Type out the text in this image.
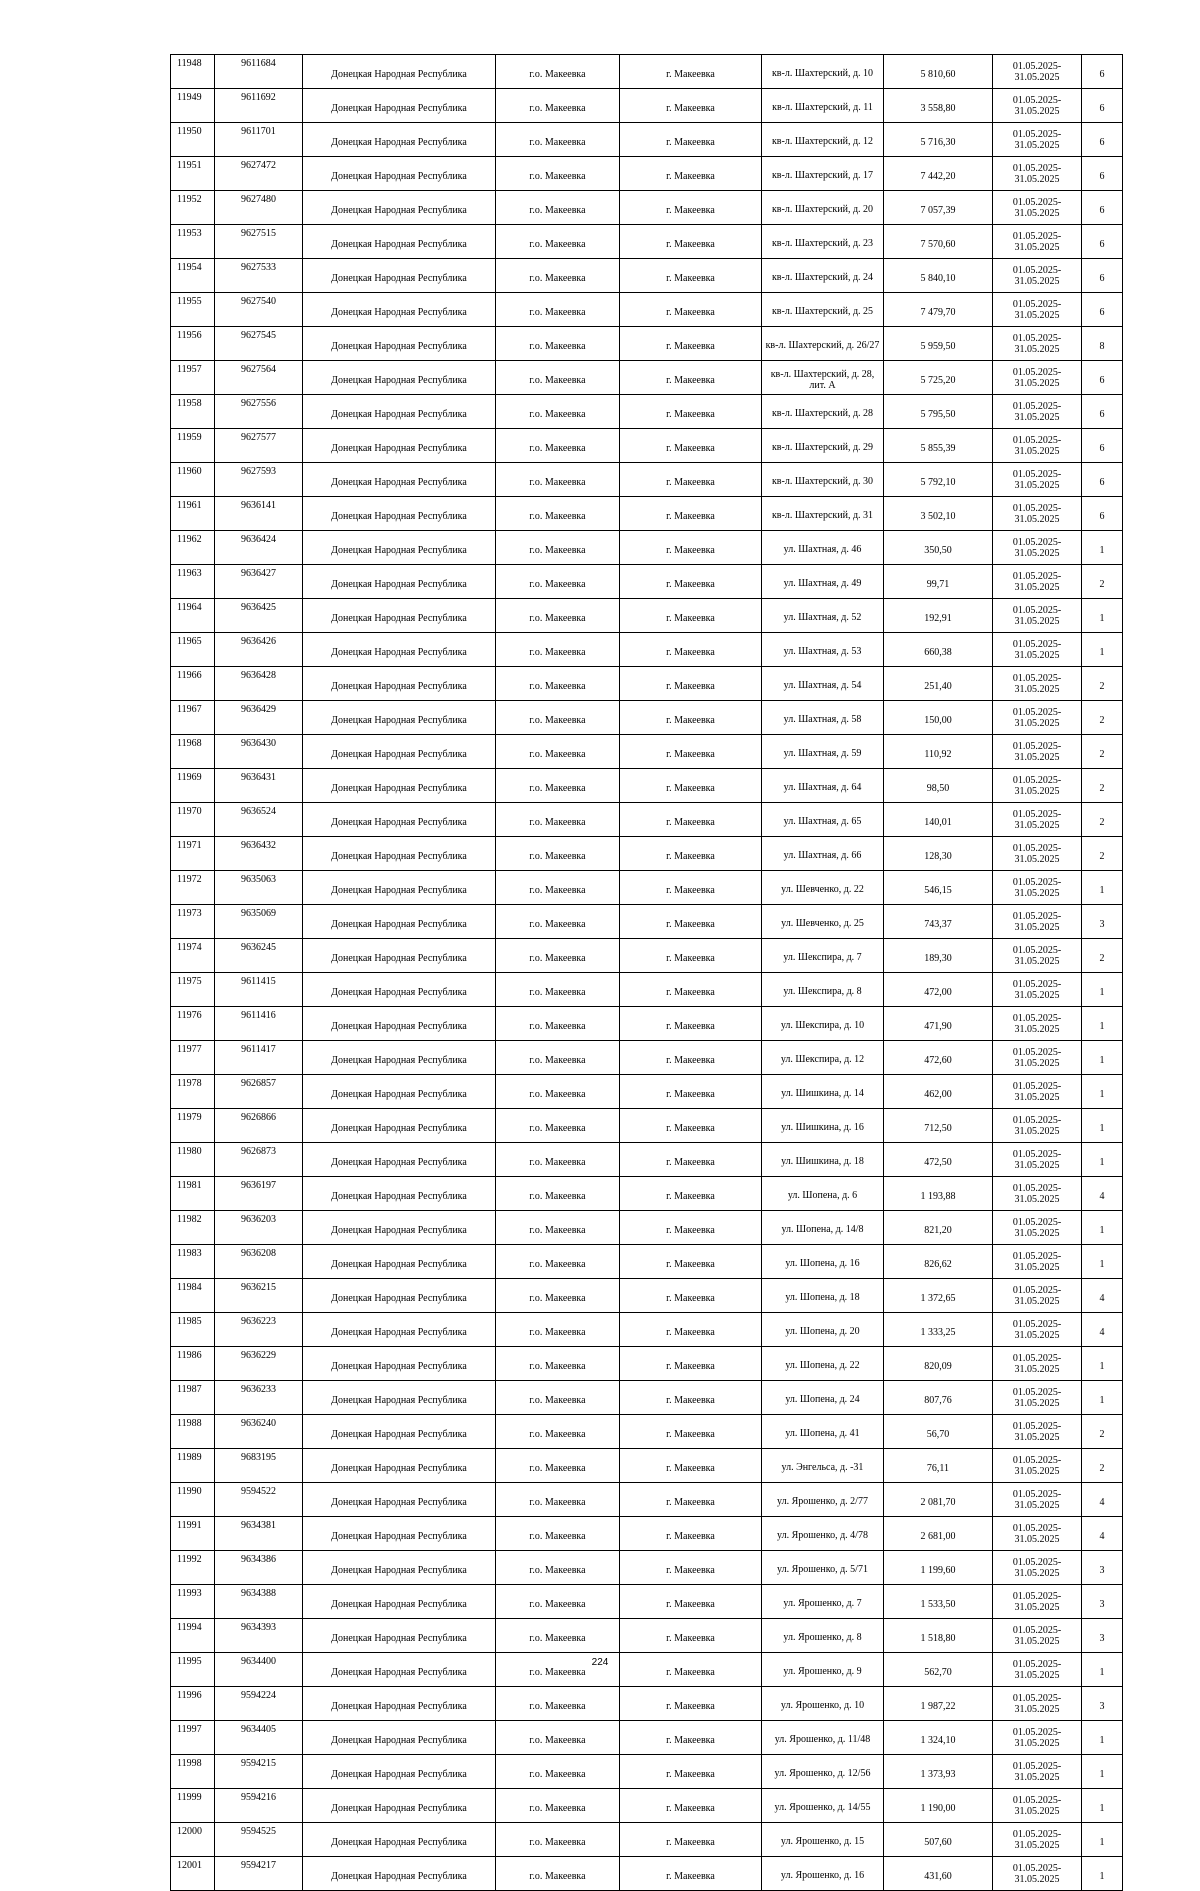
11948	9611684	Донецкая Народная Республика	г.о. Макеевка	г. Макеевка	кв-л. Шахтерский, д. 10	5 810,60	01.05.2025-31.05.2025	6
11949	9611692	Донецкая Народная Республика	г.о. Макеевка	г. Макеевка	кв-л. Шахтерский, д. 11	3 558,80	01.05.2025-31.05.2025	6
11950	9611701	Донецкая Народная Республика	г.о. Макеевка	г. Макеевка	кв-л. Шахтерский, д. 12	5 716,30	01.05.2025-31.05.2025	6
11951	9627472	Донецкая Народная Республика	г.о. Макеевка	г. Макеевка	кв-л. Шахтерский, д. 17	7 442,20	01.05.2025-31.05.2025	6
11952	9627480	Донецкая Народная Республика	г.о. Макеевка	г. Макеевка	кв-л. Шахтерский, д. 20	7 057,39	01.05.2025-31.05.2025	6
11953	9627515	Донецкая Народная Республика	г.о. Макеевка	г. Макеевка	кв-л. Шахтерский, д. 23	7 570,60	01.05.2025-31.05.2025	6
11954	9627533	Донецкая Народная Республика	г.о. Макеевка	г. Макеевка	кв-л. Шахтерский, д. 24	5 840,10	01.05.2025-31.05.2025	6
11955	9627540	Донецкая Народная Республика	г.о. Макеевка	г. Макеевка	кв-л. Шахтерский, д. 25	7 479,70	01.05.2025-31.05.2025	6
11956	9627545	Донецкая Народная Республика	г.о. Макеевка	г. Макеевка	кв-л. Шахтерский, д. 26/27	5 959,50	01.05.2025-31.05.2025	8
11957	9627564	Донецкая Народная Республика	г.о. Макеевка	г. Макеевка	кв-л. Шахтерский, д. 28, лит. А	5 725,20	01.05.2025-31.05.2025	6
11958	9627556	Донецкая Народная Республика	г.о. Макеевка	г. Макеевка	кв-л. Шахтерский, д. 28	5 795,50	01.05.2025-31.05.2025	6
11959	9627577	Донецкая Народная Республика	г.о. Макеевка	г. Макеевка	кв-л. Шахтерский, д. 29	5 855,39	01.05.2025-31.05.2025	6
11960	9627593	Донецкая Народная Республика	г.о. Макеевка	г. Макеевка	кв-л. Шахтерский, д. 30	5 792,10	01.05.2025-31.05.2025	6
11961	9636141	Донецкая Народная Республика	г.о. Макеевка	г. Макеевка	кв-л. Шахтерский, д. 31	3 502,10	01.05.2025-31.05.2025	6
11962	9636424	Донецкая Народная Республика	г.о. Макеевка	г. Макеевка	ул. Шахтная, д. 46	350,50	01.05.2025-31.05.2025	1
11963	9636427	Донецкая Народная Республика	г.о. Макеевка	г. Макеевка	ул. Шахтная, д. 49	99,71	01.05.2025-31.05.2025	2
11964	9636425	Донецкая Народная Республика	г.о. Макеевка	г. Макеевка	ул. Шахтная, д. 52	192,91	01.05.2025-31.05.2025	1
11965	9636426	Донецкая Народная Республика	г.о. Макеевка	г. Макеевка	ул. Шахтная, д. 53	660,38	01.05.2025-31.05.2025	1
11966	9636428	Донецкая Народная Республика	г.о. Макеевка	г. Макеевка	ул. Шахтная, д. 54	251,40	01.05.2025-31.05.2025	2
11967	9636429	Донецкая Народная Республика	г.о. Макеевка	г. Макеевка	ул. Шахтная, д. 58	150,00	01.05.2025-31.05.2025	2
11968	9636430	Донецкая Народная Республика	г.о. Макеевка	г. Макеевка	ул. Шахтная, д. 59	110,92	01.05.2025-31.05.2025	2
11969	9636431	Донецкая Народная Республика	г.о. Макеевка	г. Макеевка	ул. Шахтная, д. 64	98,50	01.05.2025-31.05.2025	2
11970	9636524	Донецкая Народная Республика	г.о. Макеевка	г. Макеевка	ул. Шахтная, д. 65	140,01	01.05.2025-31.05.2025	2
11971	9636432	Донецкая Народная Республика	г.о. Макеевка	г. Макеевка	ул. Шахтная, д. 66	128,30	01.05.2025-31.05.2025	2
11972	9635063	Донецкая Народная Республика	г.о. Макеевка	г. Макеевка	ул. Шевченко, д. 22	546,15	01.05.2025-31.05.2025	1
11973	9635069	Донецкая Народная Республика	г.о. Макеевка	г. Макеевка	ул. Шевченко, д. 25	743,37	01.05.2025-31.05.2025	3
11974	9636245	Донецкая Народная Республика	г.о. Макеевка	г. Макеевка	ул. Шекспира, д. 7	189,30	01.05.2025-31.05.2025	2
11975	9611415	Донецкая Народная Республика	г.о. Макеевка	г. Макеевка	ул. Шекспира, д. 8	472,00	01.05.2025-31.05.2025	1
11976	9611416	Донецкая Народная Республика	г.о. Макеевка	г. Макеевка	ул. Шекспира, д. 10	471,90	01.05.2025-31.05.2025	1
11977	9611417	Донецкая Народная Республика	г.о. Макеевка	г. Макеевка	ул. Шекспира, д. 12	472,60	01.05.2025-31.05.2025	1
11978	9626857	Донецкая Народная Республика	г.о. Макеевка	г. Макеевка	ул. Шишкина, д. 14	462,00	01.05.2025-31.05.2025	1
11979	9626866	Донецкая Народная Республика	г.о. Макеевка	г. Макеевка	ул. Шишкина, д. 16	712,50	01.05.2025-31.05.2025	1
11980	9626873	Донецкая Народная Республика	г.о. Макеевка	г. Макеевка	ул. Шишкина, д. 18	472,50	01.05.2025-31.05.2025	1
11981	9636197	Донецкая Народная Республика	г.о. Макеевка	г. Макеевка	ул. Шопена, д. 6	1 193,88	01.05.2025-31.05.2025	4
11982	9636203	Донецкая Народная Республика	г.о. Макеевка	г. Макеевка	ул. Шопена, д. 14/8	821,20	01.05.2025-31.05.2025	1
11983	9636208	Донецкая Народная Республика	г.о. Макеевка	г. Макеевка	ул. Шопена, д. 16	826,62	01.05.2025-31.05.2025	1
11984	9636215	Донецкая Народная Республика	г.о. Макеевка	г. Макеевка	ул. Шопена, д. 18	1 372,65	01.05.2025-31.05.2025	4
11985	9636223	Донецкая Народная Республика	г.о. Макеевка	г. Макеевка	ул. Шопена, д. 20	1 333,25	01.05.2025-31.05.2025	4
11986	9636229	Донецкая Народная Республика	г.о. Макеевка	г. Макеевка	ул. Шопена, д. 22	820,09	01.05.2025-31.05.2025	1
11987	9636233	Донецкая Народная Республика	г.о. Макеевка	г. Макеевка	ул. Шопена, д. 24	807,76	01.05.2025-31.05.2025	1
11988	9636240	Донецкая Народная Республика	г.о. Макеевка	г. Макеевка	ул. Шопена, д. 41	56,70	01.05.2025-31.05.2025	2
11989	9683195	Донецкая Народная Республика	г.о. Макеевка	г. Макеевка	ул. Энгельса, д. -31	76,11	01.05.2025-31.05.2025	2
11990	9594522	Донецкая Народная Республика	г.о. Макеевка	г. Макеевка	ул. Ярошенко, д. 2/77	2 081,70	01.05.2025-31.05.2025	4
11991	9634381	Донецкая Народная Республика	г.о. Макеевка	г. Макеевка	ул. Ярошенко, д. 4/78	2 681,00	01.05.2025-31.05.2025	4
11992	9634386	Донецкая Народная Республика	г.о. Макеевка	г. Макеевка	ул. Ярошенко, д. 5/71	1 199,60	01.05.2025-31.05.2025	3
11993	9634388	Донецкая Народная Республика	г.о. Макеевка	г. Макеевка	ул. Ярошенко, д. 7	1 533,50	01.05.2025-31.05.2025	3
11994	9634393	Донецкая Народная Республика	г.о. Макеевка	г. Макеевка	ул. Ярошенко, д. 8	1 518,80	01.05.2025-31.05.2025	3
11995	9634400	Донецкая Народная Республика	г.о. Макеевка	г. Макеевка	ул. Ярошенко, д. 9	562,70	01.05.2025-31.05.2025	1
11996	9594224	Донецкая Народная Республика	г.о. Макеевка	г. Макеевка	ул. Ярошенко, д. 10	1 987,22	01.05.2025-31.05.2025	3
11997	9634405	Донецкая Народная Республика	г.о. Макеевка	г. Макеевка	ул. Ярошенко, д. 11/48	1 324,10	01.05.2025-31.05.2025	1
11998	9594215	Донецкая Народная Республика	г.о. Макеевка	г. Макеевка	ул. Ярошенко, д. 12/56	1 373,93	01.05.2025-31.05.2025	1
11999	9594216	Донецкая Народная Республика	г.о. Макеевка	г. Макеевка	ул. Ярошенко, д. 14/55	1 190,00	01.05.2025-31.05.2025	1
12000	9594525	Донецкая Народная Республика	г.о. Макеевка	г. Макеевка	ул. Ярошенко, д. 15	507,60	01.05.2025-31.05.2025	1
12001	9594217	Донецкая Народная Республика	г.о. Макеевка	г. Макеевка	ул. Ярошенко, д. 16	431,60	01.05.2025-31.05.2025	1
224
